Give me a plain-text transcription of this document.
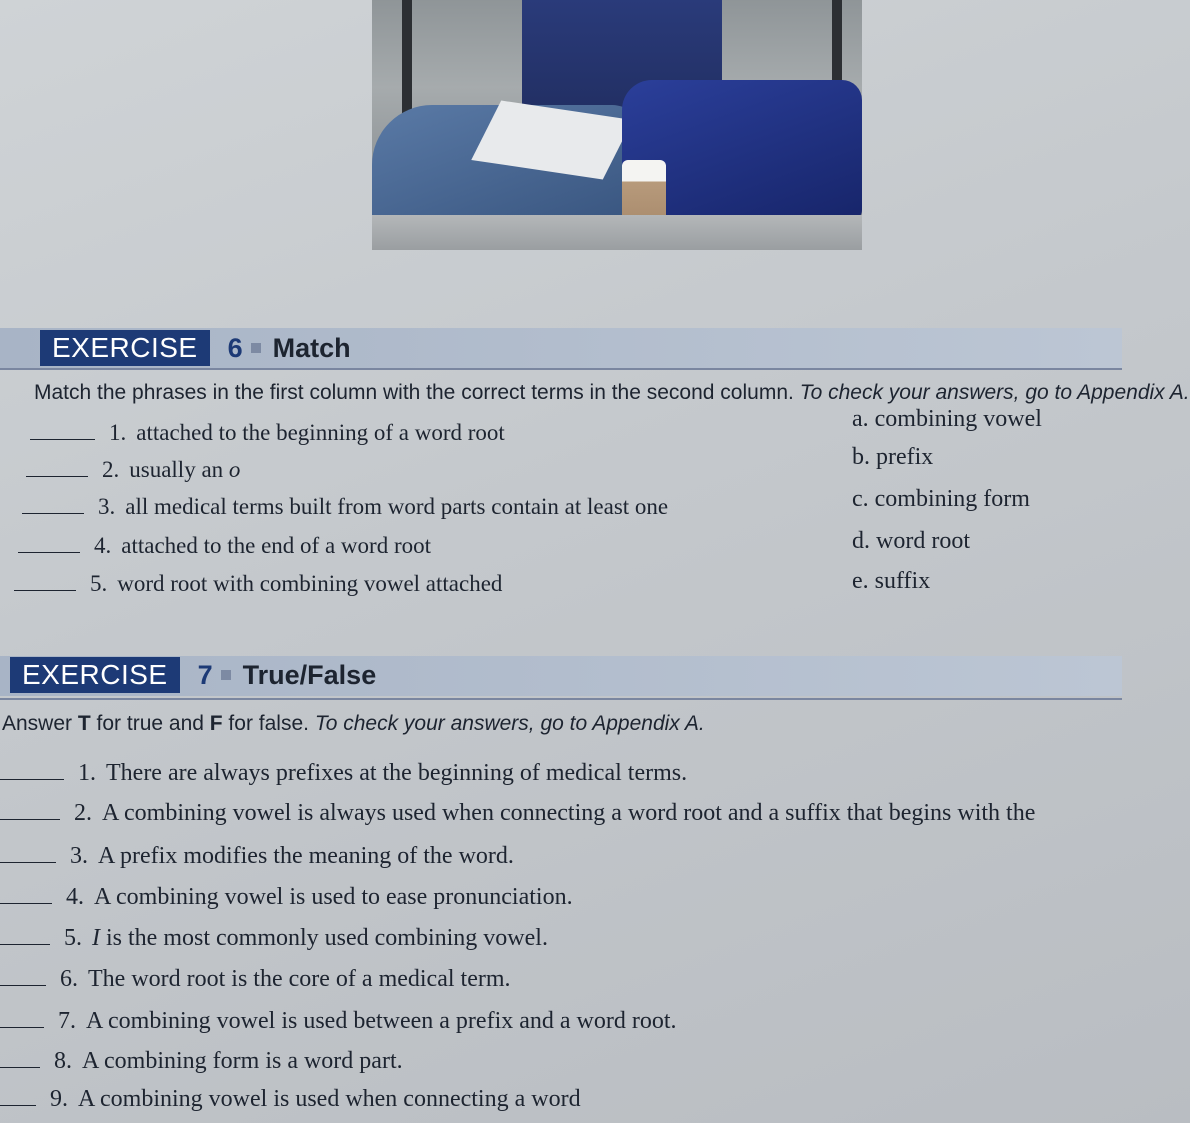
EXERCISE	6 Match
Match the phrases in the first column with the correct terms in the second column. To check your answers, go to Appendix A.
1. attached to the beginning of a word root
2. usually an o
3. all medical terms built from word parts contain at least one
4. attached to the end of a word root
5. word root with combining vowel attached
a. combining vowel
b. prefix
c. combining form
d. word root
e. suffix
EXERCISE	7 True/False
Answer T for true and F for false. To check your answers, go to Appendix A.
1. There are always prefixes at the beginning of medical terms.
2. A combining vowel is always used when connecting a word root and a suffix that begins with the
3. A prefix modifies the meaning of the word.
4. A combining vowel is used to ease pronunciation.
5. I is the most commonly used combining vowel.
6. The word root is the core of a medical term.
7. A combining vowel is used between a prefix and a word root.
8. A combining form is a word part.
9. A combining vowel is used when connecting a word
